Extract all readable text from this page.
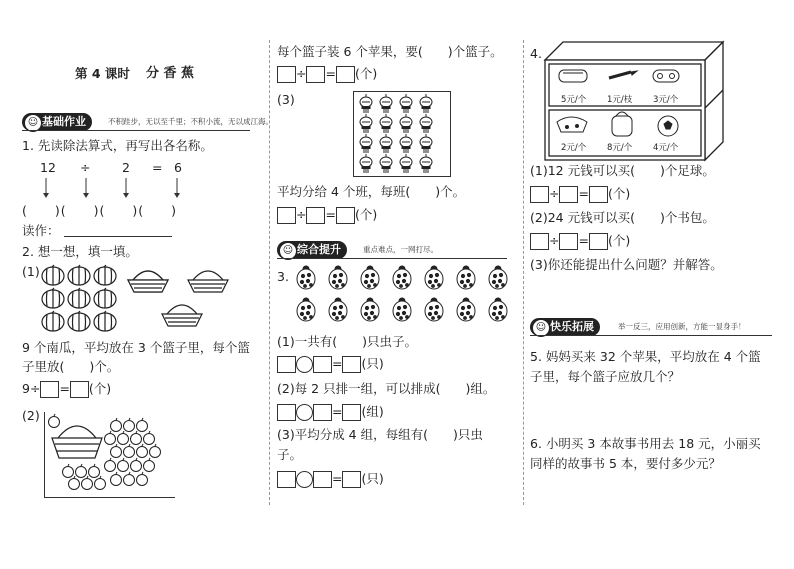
第 4 课时 分 香 蕉
☺ 基础作业	不积跬步，无以至千里；不积小流，无以成江海。
1. 先读除法算式，再写出各名称。
12 ÷	2 = 6
(　　)(　　)(　　)(　　)
读作：
2. 想一想，填一填。
(1)
9 个南瓜，平均放在 3 个篮子里，每个篮
子里放(　　)个。
9÷ = (个)
(2)
每个篮子装 6 个苹果，要(　　)个篮子。
÷ = (个)
(3)
平均分给 4 个班，每班(　　)个。
÷ = (个)
☺ 综合提升	重点难点，一网打尽。
3.
(1)一共有(　　)只虫子。
= (只)
(2)每 2 只排一组，可以排成(　　)组。
= (组)
(3)平均分成 4 组，每组有(　　)只虫
子。
= (只)
4.
5元/个 1元/枝 3元/个
2元/个 8元/个 4元/个
(1)12 元钱可以买(　　)个足球。
÷ = (个)
(2)24 元钱可以买(　　)个书包。
÷ = (个)
(3)你还能提出什么问题？并解答。
☺ 快乐拓展	举一反三，应用创新，方能一显身手！
5. 妈妈买来 32 个苹果，平均放在 4 个篮
子里，每个篮子应放几个？
6. 小明买 3 本故事书用去 18 元，小丽买
同样的故事书 5 本，要付多少元？
